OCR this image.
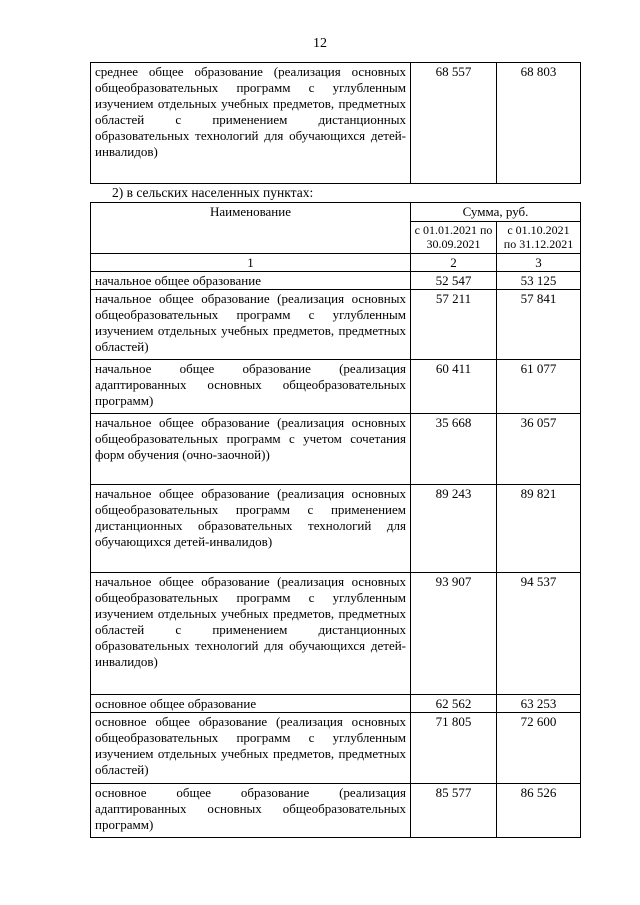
12
среднее общее образование (реализация основных общеобразовательных программ с углубленным изучением отдельных учебных предметов, предметных областей с применением дистанционных образовательных технологий для обучающихся детей-инвалидов)	68 557	68 803
2) в сельских населенных пунктах:
Наименование	Сумма, руб.	
	с 01.01.2021 по 30.09.2021	с 01.10.2021 по 31.12.2021
1	2	3
начальное общее образование	52 547	53 125
начальное общее образование (реализация основных общеобразовательных программ с углубленным изучением отдельных учебных предметов, предметных областей)	57 211	57 841
начальное общее образование (реализация адаптированных основных общеобразовательных программ)	60 411	61 077
начальное общее образование (реализация основных общеобразовательных программ с учетом сочетания форм обучения (очно-заочной))	35 668	36 057
начальное общее образование (реализация основных общеобразовательных программ с применением дистанционных образовательных технологий для обучающихся детей-инвалидов)	89 243	89 821
начальное общее образование (реализация основных общеобразовательных программ с углубленным изучением отдельных учебных предметов, предметных областей с применением дистанционных образовательных технологий для обучающихся детей-инвалидов)	93 907	94 537
основное общее образование	62 562	63 253
основное общее образование (реализация основных общеобразовательных программ с углубленным изучением отдельных учебных предметов, предметных областей)	71 805	72 600
основное общее образование (реализация адаптированных основных общеобразовательных программ)	85 577	86 526
